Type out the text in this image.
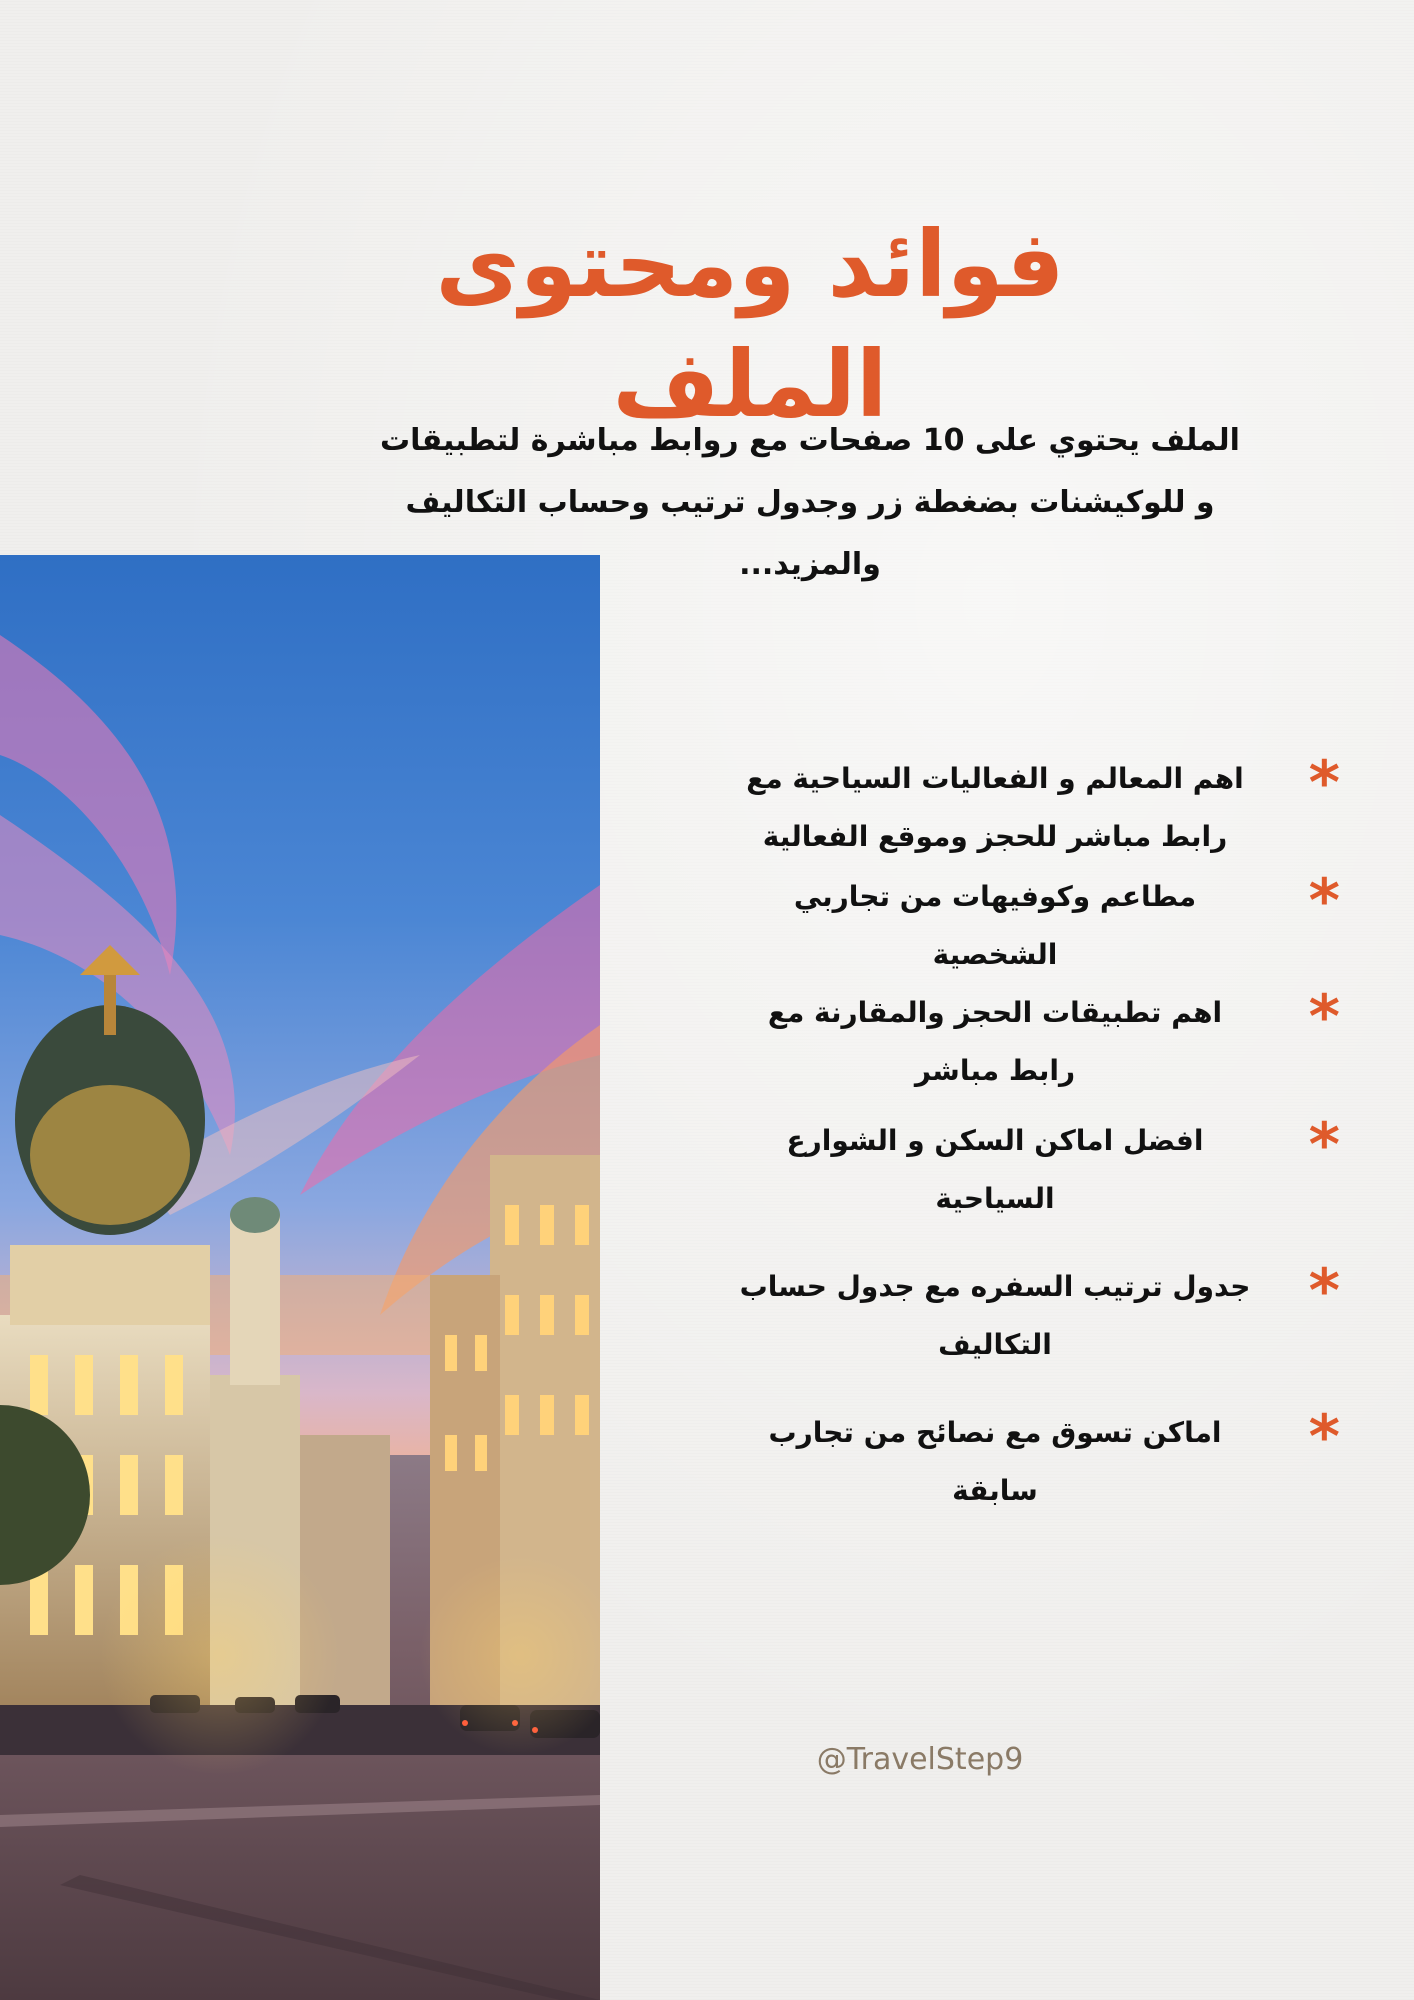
فوائد ومحتوى الملف

الملف يحتوي على 10 صفحات مع روابط مباشرة لتطبيقات و للوكيشنات بضغطة زر وجدول ترتيب وحساب التكاليف والمزيد...

*
اهم المعالم و الفعاليات السياحية مع رابط مباشر للحجز وموقع الفعالية
*
مطاعم وكوفيهات من تجاربي الشخصية
*
اهم تطبيقات الحجز والمقارنة مع رابط مباشر
*
افضل اماكن السكن و الشوارع السياحية
*
جدول ترتيب السفره مع جدول حساب التكاليف
*
اماكن تسوق مع نصائح من تجارب سابقة

@TravelStep9
